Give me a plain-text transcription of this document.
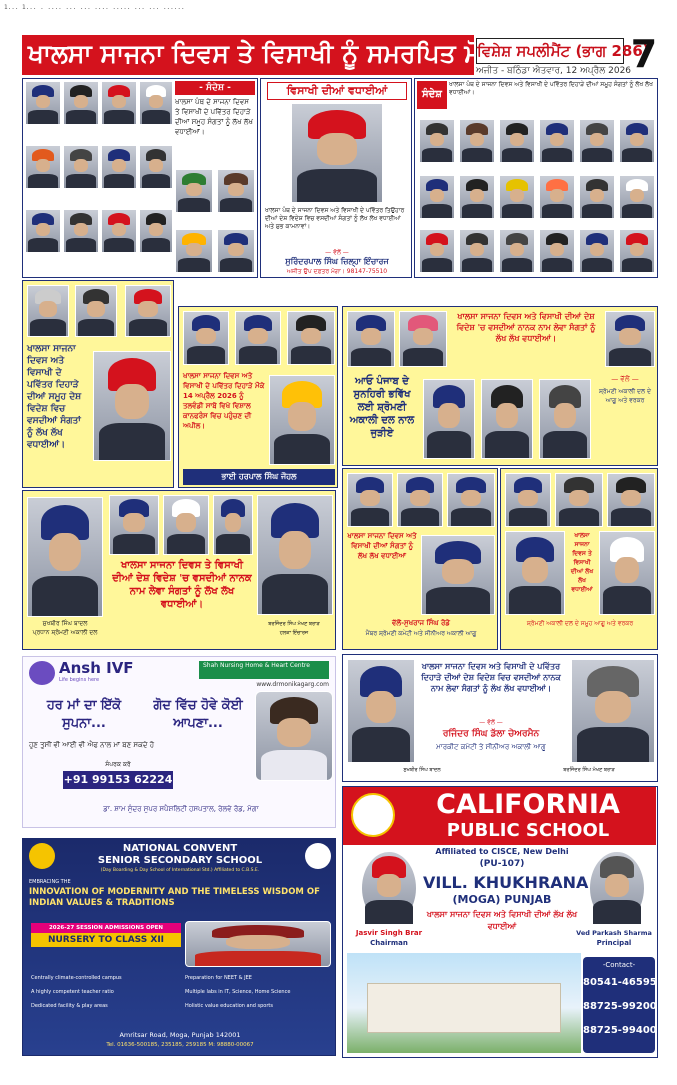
1... 1... . .... ... ... .... ..... ... ... ......
ਖਾਲਸਾ ਸਾਜਨਾ ਦਿਵਸ ਤੇ ਵਿਸਾਖੀ ਨੂੰ ਸਮਰਪਿਤ ਮੋਗਾ
ਵਿਸ਼ੇਸ਼ ਸਪਲੀਮੈਂਟ (ਭਾਗ 286)
7
ਅਜੀਤ - ਬਠਿੰਡਾ ਐਤਵਾਰ, 12 ਅਪ੍ਰੈਲ 2026
- ਸੰਦੇਸ਼ -
ਖਾਲਸਾ ਪੰਥ ਦੇ ਸਾਜਨਾ ਦਿਵਸ ਤੇ ਵਿਸਾਖੀ ਦੇ ਪਵਿੱਤਰ ਦਿਹਾੜੇ ਦੀਆਂ ਸਮੂਹ ਸੰਗਤਾਂ ਨੂੰ ਲੱਖ ਲੱਖ ਵਧਾਈਆਂ।
ਵਿਸਾਖੀ ਦੀਆਂ ਵਧਾਈਆਂ
ਖਾਲਸਾ ਪੰਥ ਦੇ ਸਾਜਨਾ ਦਿਵਸ ਅਤੇ ਵਿਸਾਖੀ ਦੇ ਪਵਿੱਤਰ ਤਿਉਹਾਰ ਦੀਆਂ ਦੇਸ਼ ਵਿਦੇਸ਼ ਵਿਚ ਵਸਦੀਆਂ ਸੰਗਤਾਂ ਨੂੰ ਲੱਖ ਲੱਖ ਵਧਾਈਆਂ ਅਤੇ ਸ਼ੁਭ ਕਾਮਨਾਵਾਂ।
— ਵੱਲੋਂ —
ਸੁਰਿੰਦਰਪਾਲ ਸਿੰਘ ਜ਼ਿਲ੍ਹਾ ਇੰਚਾਰਜ
ਅਜੀਤ ਉਪ ਦਫ਼ਤਰ ਮੋਗਾ। 98147-75510
ਸੰਦੇਸ਼
ਖਾਲਸਾ ਪੰਥ ਦੇ ਸਾਜਨਾ ਦਿਵਸ ਅਤੇ ਵਿਸਾਖੀ ਦੇ ਪਵਿੱਤਰ ਦਿਹਾੜੇ ਦੀਆਂ ਸਮੂਹ ਸੰਗਤਾਂ ਨੂੰ ਲੱਖ ਲੱਖ ਵਧਾਈਆਂ।
ਖਾਲਸਾ ਸਾਜਨਾ ਦਿਵਸ ਅਤੇ ਵਿਸਾਖੀ ਦੇ ਪਵਿੱਤਰ ਦਿਹਾੜੇ ਦੀਆਂ ਸਮੂਹ ਦੇਸ਼ ਵਿਦੇਸ਼ ਵਿਚ ਵਸਦੀਆਂ ਸੰਗਤਾਂ ਨੂੰ ਲੱਖ ਲੱਖ ਵਧਾਈਆਂ।
ਖਾਲਸਾ ਸਾਜਨਾ ਦਿਵਸ ਅਤੇ ਵਿਸਾਖੀ ਦੇ ਪਵਿੱਤਰ ਦਿਹਾੜੇ ਮੌਕੇ 14 ਅਪ੍ਰੈਲ 2026 ਨੂੰ ਤਲਵੰਡੀ ਸਾਬੋ ਵਿਖੇ ਵਿਸ਼ਾਲ ਕਾਨਫਰੰਸ ਵਿਚ ਪਹੁੰਚਣ ਦੀ ਅਪੀਲ।
ਭਾਈ ਹਰਪਾਲ ਸਿੰਘ ਜੌਹਲ
ਖਾਲਸਾ ਸਾਜਨਾ ਦਿਵਸ ਅਤੇ ਵਿਸਾਖੀ ਦੀਆਂ ਦੇਸ਼ ਵਿਦੇਸ਼ 'ਚ ਵਸਦੀਆਂ ਨਾਨਕ ਨਾਮ ਲੇਵਾ ਸੰਗਤਾਂ ਨੂੰ ਲੱਖ ਲੱਖ ਵਧਾਈਆਂ।
ਆਓ ਪੰਜਾਬ ਦੇ ਸੁਨਹਿਰੀ ਭਵਿੱਖ ਲਈ ਸ਼੍ਰੋਮਣੀ ਅਕਾਲੀ ਦਲ ਨਾਲ ਜੁੜੀਏ
— ਵੱਲੋਂ —
ਸ਼੍ਰੋਮਣੀ ਅਕਾਲੀ ਦਲ ਦੇ ਆਗੂ ਅਤੇ ਵਰਕਰ
ਖਾਲਸਾ ਸਾਜਨਾ ਦਿਵਸ ਤੇ ਵਿਸਾਖੀ ਦੀਆਂ ਦੇਸ਼ ਵਿਦੇਸ਼ 'ਚ ਵਸਦੀਆਂ ਨਾਨਕ ਨਾਮ ਲੇਵਾ ਸੰਗਤਾਂ ਨੂੰ ਲੱਖ ਲੱਖ ਵਧਾਈਆਂ।
ਸੁਖਬੀਰ ਸਿੰਘ ਬਾਦਲ
ਪ੍ਰਧਾਨ ਸ਼੍ਰੋਮਣੀ ਅਕਾਲੀ ਦਲ
ਬਰਜਿੰਦਰ ਸਿੰਘ ਮੱਖਣ ਬਰਾੜ
ਹਲਕਾ ਇੰਚਾਰਜ
ਖਾਲਸਾ ਸਾਜਨਾ ਦਿਵਸ ਅਤੇ ਵਿਸਾਖੀ ਦੀਆਂ ਸੰਗਤਾਂ ਨੂੰ ਲੱਖ ਲੱਖ ਵਧਾਈਆਂ
ਵੱਲੋਂ-ਸੁਖਰਾਜ ਸਿੰਘ ਰੋਡੇ
ਮੈਂਬਰ ਸ਼੍ਰੋਮਣੀ ਕਮੇਟੀ ਅਤੇ ਸੀਨੀਅਰ ਅਕਾਲੀ ਆਗੂ
ਖਾਲਸਾ ਸਾਜਨਾ ਦਿਵਸ ਤੇ ਵਿਸਾਖੀ ਦੀਆਂ ਲੱਖ ਲੱਖ ਵਧਾਈਆਂ
ਸ਼੍ਰੋਮਣੀ ਅਕਾਲੀ ਦਲ ਦੇ ਸਮੂਹ ਆਗੂ ਅਤੇ ਵਰਕਰ
Ansh IVF
Life begins here
Shah Nursing Home & Heart Centre
www.drmonikagarg.com
ਹਰ ਮਾਂ ਦਾ ਇੱਕੋ ਸੁਪਨਾ...
ਗੋਦ ਵਿੱਚ ਹੋਵੇ ਕੋਈ ਆਪਣਾ...
ਹੁਣ ਤੁਸੀਂ ਵੀ ਆਈ ਵੀ ਐਫ ਨਾਲ ਮਾਂ ਬਣ ਸਕਦੇ ਹੋ
ਸੰਪਰਕ ਕਰੋ
+91 99153 62224
ਡਾ. ਸ਼ਾਮ ਸੁੰਦਰ ਸੁਪਰ ਸਪੈਸ਼ਲਿਟੀ ਹਸਪਤਾਲ, ਰੇਲਵੇ ਰੋਡ, ਮੋਗਾ
ਖਾਲਸਾ ਸਾਜਨਾ ਦਿਵਸ ਅਤੇ ਵਿਸਾਖੀ ਦੇ ਪਵਿੱਤਰ ਦਿਹਾੜੇ ਦੀਆਂ ਦੇਸ਼ ਵਿਦੇਸ਼ ਵਿਚ ਵਸਦੀਆਂ ਨਾਨਕ ਨਾਮ ਲੇਵਾ ਸੰਗਤਾਂ ਨੂੰ ਲੱਖ ਲੱਖ ਵਧਾਈਆਂ।
— ਵੱਲੋਂ —
ਰਜਿੰਦਰ ਸਿੰਘ ਡੱਲਾ ਚੇਅਰਮੈਨ
ਮਾਰਕੀਟ ਕਮੇਟੀ ਤੇ ਸੀਨੀਅਰ ਅਕਾਲੀ ਆਗੂ
ਸੁਖਬੀਰ ਸਿੰਘ ਬਾਦਲ	ਬਰਜਿੰਦਰ ਸਿੰਘ ਮੱਖਣ ਬਰਾੜ
NATIONAL CONVENT
SENIOR SECONDARY SCHOOL
(Day Boarding & Day School of International Std.) Affiliated to C.B.S.E.
EMBRACING THE
INNOVATION OF MODERNITY AND THE TIMELESS WISDOM OF INDIAN VALUES & TRADITIONS
2026-27 SESSION ADMISSIONS OPEN
NURSERY TO CLASS XII
Centrally climate-controlled campus
A highly competent teacher ratio
Dedicated facility & play areas
Preparation for NEET & JEE
Multiple labs in IT, Science, Home Science
Holistic value education and sports
Amritsar Road, Moga, Punjab 142001
Tel. 01636-500185, 235185, 259185 M: 98880-00067
CALIFORNIA
PUBLIC SCHOOL
Affiliated to CISCE, New Delhi
(PU-107)
VILL. KHUKHRANA
(MOGA) PUNJAB
ਖਾਲਸਾ ਸਾਜਨਾ ਦਿਵਸ ਅਤੇ ਵਿਸਾਖੀ ਦੀਆਂ ਲੱਖ ਲੱਖ ਵਧਾਈਆਂ
Jasvir Singh Brar
Chairman
Ved Parkash Sharma
Principal
-Contact-
80541-46595
88725-99200
88725-99400
